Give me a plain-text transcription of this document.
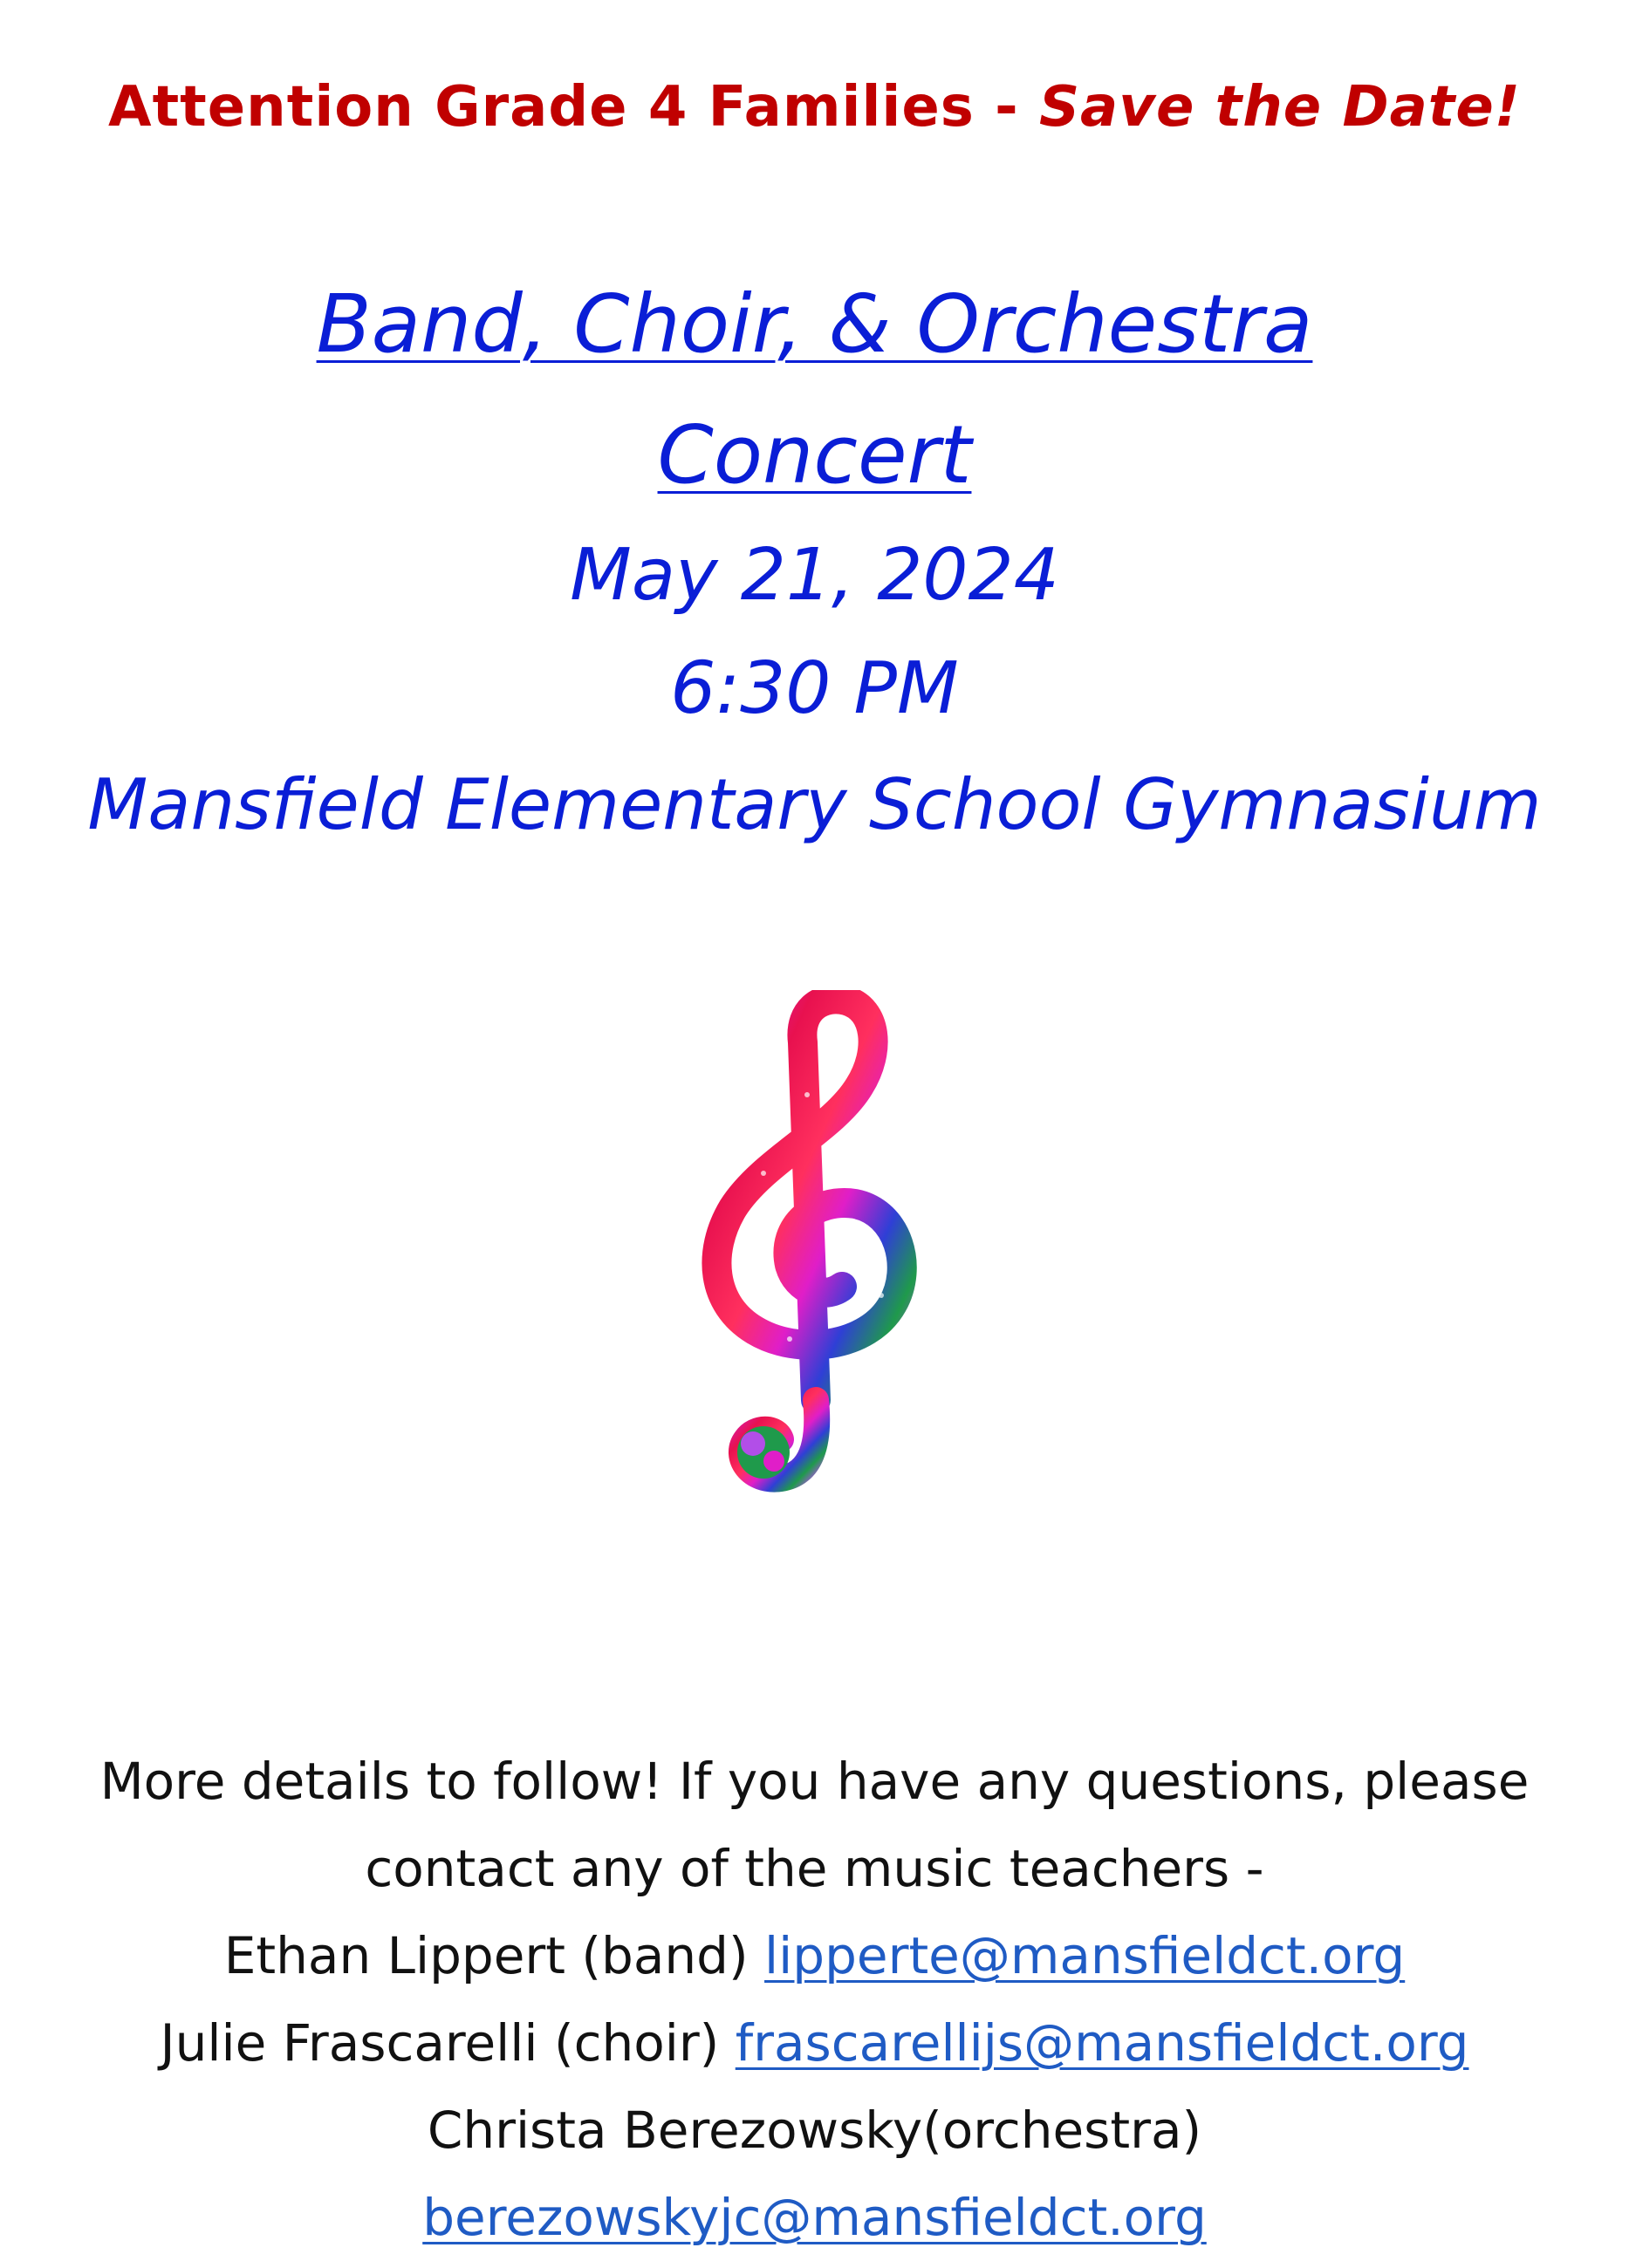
Attention Grade 4 Families - Save the Date!
Band, Choir, & Orchestra
Concert
May 21, 2024
6:30 PM
Mansfield Elementary School Gymnasium
More details to follow! If you have any questions, please
contact any of the music teachers -
Ethan Lippert (band) lipperte@mansfieldct.org
Julie Frascarelli (choir) frascarellijs@mansfieldct.org
Christa Berezowsky(orchestra)
berezowskyjc@mansfieldct.org
